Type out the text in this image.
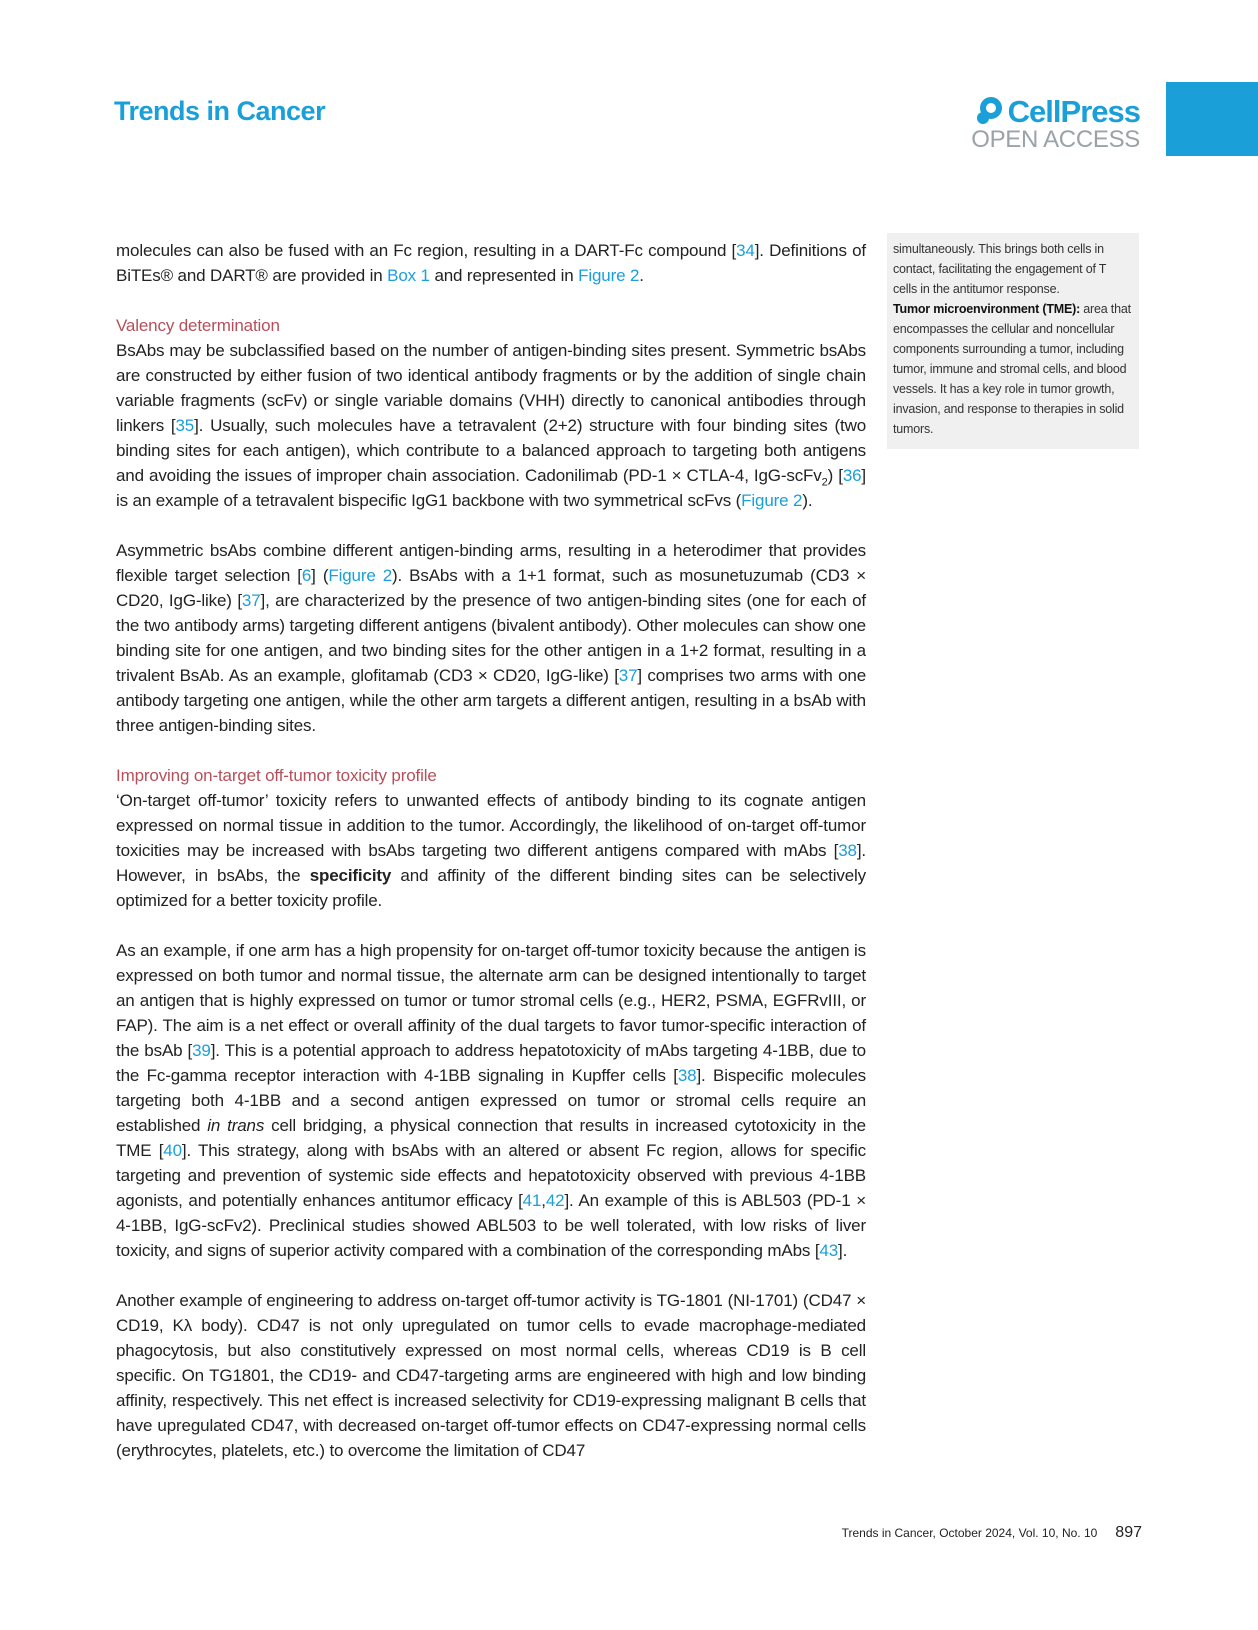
Trends in Cancer	CellPress
OPEN ACCESS

molecules can also be fused with an Fc region, resulting in a DART-Fc compound [34]. Definitions of BiTEs® and DART® are provided in Box 1 and represented in Figure 2.

Valency determination

BsAbs may be subclassified based on the number of antigen-binding sites present. Symmetric bsAbs are constructed by either fusion of two identical antibody fragments or by the addition of single chain variable fragments (scFv) or single variable domains (VHH) directly to canonical antibodies through linkers [35]. Usually, such molecules have a tetravalent (2+2) structure with four binding sites (two binding sites for each antigen), which contribute to a balanced approach to targeting both antigens and avoiding the issues of improper chain association. Cadonilimab (PD-1 × CTLA-4, IgG-scFv$_2$) [36] is an example of a tetravalent bispecific IgG1 backbone with two symmetrical scFvs (Figure 2).

Asymmetric bsAbs combine different antigen-binding arms, resulting in a heterodimer that provides flexible target selection [6] (Figure 2). BsAbs with a 1+1 format, such as mosunetuzumab (CD3 × CD20, IgG-like) [37], are characterized by the presence of two antigen-binding sites (one for each of the two antibody arms) targeting different antigens (bivalent antibody). Other molecules can show one binding site for one antigen, and two binding sites for the other antigen in a 1+2 format, resulting in a trivalent BsAb. As an example, glofitamab (CD3 × CD20, IgG-like) [37] comprises two arms with one antibody targeting one antigen, while the other arm targets a different antigen, resulting in a bsAb with three antigen-binding sites.

Improving on-target off-tumor toxicity profile

‘On-target off-tumor’ toxicity refers to unwanted effects of antibody binding to its cognate antigen expressed on normal tissue in addition to the tumor. Accordingly, the likelihood of on-target off-tumor toxicities may be increased with bsAbs targeting two different antigens compared with mAbs [38]. However, in bsAbs, the specificity and affinity of the different binding sites can be selectively optimized for a better toxicity profile.

As an example, if one arm has a high propensity for on-target off-tumor toxicity because the antigen is expressed on both tumor and normal tissue, the alternate arm can be designed intentionally to target an antigen that is highly expressed on tumor or tumor stromal cells (e.g., HER2, PSMA, EGFRvIII, or FAP). The aim is a net effect or overall affinity of the dual targets to favor tumor-specific interaction of the bsAb [39]. This is a potential approach to address hepatotoxicity of mAbs targeting 4-1BB, due to the Fc-gamma receptor interaction with 4-1BB signaling in Kupffer cells [38]. Bispecific molecules targeting both 4-1BB and a second antigen expressed on tumor or stromal cells require an established in trans cell bridging, a physical connection that results in increased cytotoxicity in the TME [40]. This strategy, along with bsAbs with an altered or absent Fc region, allows for specific targeting and prevention of systemic side effects and hepatotoxicity observed with previous 4-1BB agonists, and potentially enhances antitumor efficacy [41,42]. An example of this is ABL503 (PD-1 × 4-1BB, IgG-scFv2). Preclinical studies showed ABL503 to be well tolerated, with low risks of liver toxicity, and signs of superior activity compared with a combination of the corresponding mAbs [43].

Another example of engineering to address on-target off-tumor activity is TG-1801 (NI-1701) (CD47 × CD19, Kλ body). CD47 is not only upregulated on tumor cells to evade macrophage-mediated phagocytosis, but also constitutively expressed on most normal cells, whereas CD19 is B cell specific. On TG1801, the CD19- and CD47-targeting arms are engineered with high and low binding affinity, respectively. This net effect is increased selectivity for CD19-expressing malignant B cells that have upregulated CD47, with decreased on-target off-tumor effects on CD47-expressing normal cells (erythrocytes, platelets, etc.) to overcome the limitation of CD47

simultaneously. This brings both cells in contact, facilitating the engagement of T cells in the antitumor response.
Tumor microenvironment (TME): area that encompasses the cellular and noncellular components surrounding a tumor, including tumor, immune and stromal cells, and blood vessels. It has a key role in tumor growth, invasion, and response to therapies in solid tumors.
Trends in Cancer, October 2024, Vol. 10, No. 10 897
